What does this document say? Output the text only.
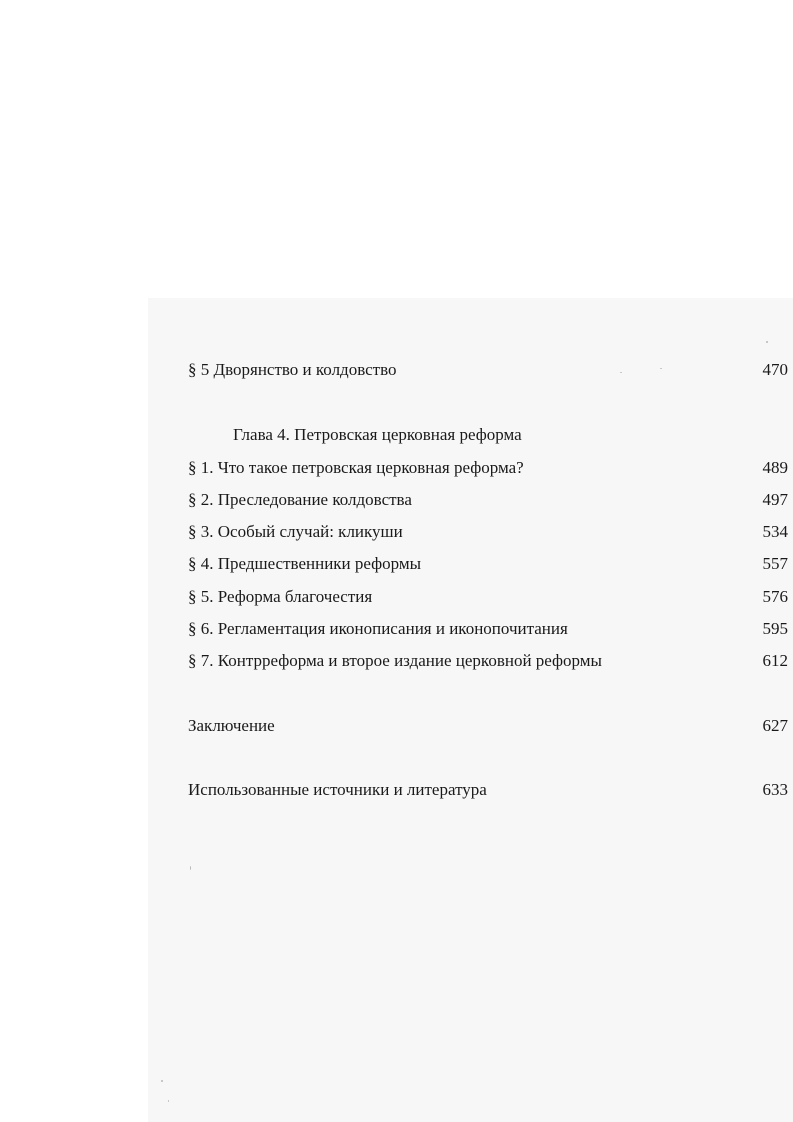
§ 5 Дворянство и колдовство	470
Глава 4. Петровская церковная реформа
§ 1. Что такое петровская церковная реформа?	489
§ 2. Преследование колдовства	497
§ 3. Особый случай: кликуши	534
§ 4. Предшественники реформы	557
§ 5. Реформа благочестия	576
§ 6. Регламентация иконописания и иконопочитания	595
§ 7. Контрреформа и второе издание церковной реформы	612
Заключение	627
Использованные источники и литература	633
